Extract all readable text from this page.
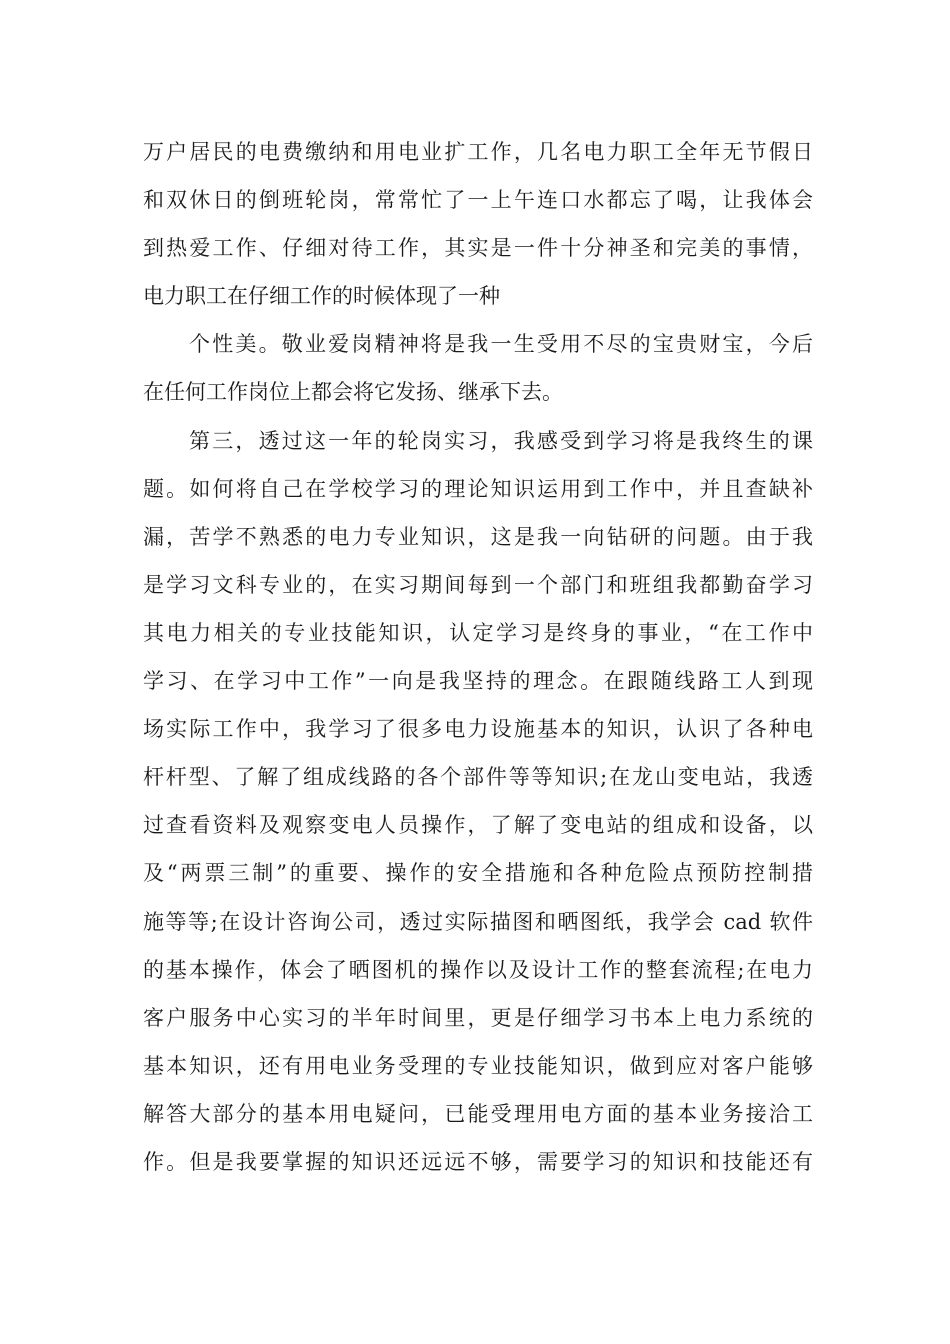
万户居民的电费缴纳和用电业扩工作，几名电力职工全年无节假日
和双休日的倒班轮岗，常常忙了一上午连口水都忘了喝，让我体会
到热爱工作、仔细对待工作，其实是一件十分神圣和完美的事情，
电力职工在仔细工作的时候体现了一种
个性美。敬业爱岗精神将是我一生受用不尽的宝贵财宝，今后
在任何工作岗位上都会将它发扬、继承下去。
第三，透过这一年的轮岗实习，我感受到学习将是我终生的课
题。如何将自己在学校学习的理论知识运用到工作中，并且查缺补
漏，苦学不熟悉的电力专业知识，这是我一向钻研的问题。由于我
是学习文科专业的，在实习期间每到一个部门和班组我都勤奋学习
其电力相关的专业技能知识，认定学习是终身的事业，“在工作中
学习、在学习中工作”一向是我坚持的理念。在跟随线路工人到现
场实际工作中，我学习了很多电力设施基本的知识，认识了各种电
杆杆型、了解了组成线路的各个部件等等知识;在龙山变电站，我透
过查看资料及观察变电人员操作，了解了变电站的组成和设备，以
及“两票三制”的重要、操作的安全措施和各种危险点预防控制措
施等等;在设计咨询公司，透过实际描图和晒图纸，我学会 cad 软件
的基本操作，体会了晒图机的操作以及设计工作的整套流程;在电力
客户服务中心实习的半年时间里，更是仔细学习书本上电力系统的
基本知识，还有用电业务受理的专业技能知识，做到应对客户能够
解答大部分的基本用电疑问，已能受理用电方面的基本业务接洽工
作。但是我要掌握的知识还远远不够，需要学习的知识和技能还有
